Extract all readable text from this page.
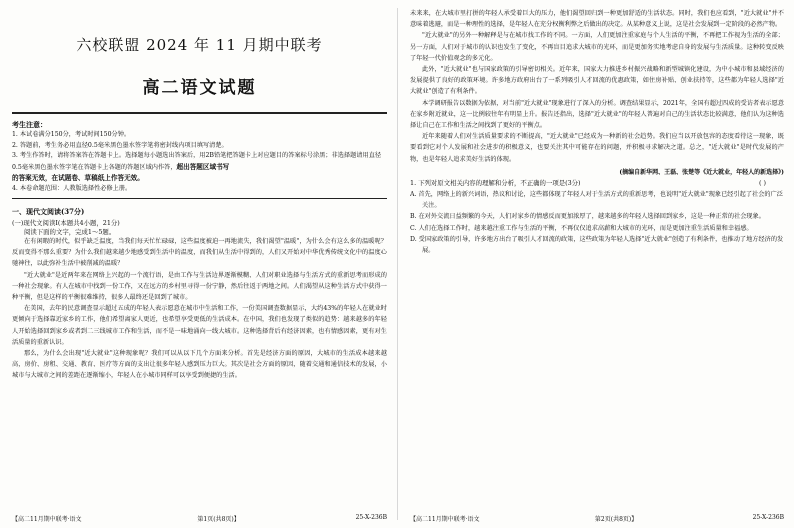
六校联盟 2024 年 11 月期中联考
高二语文试题

考生注意：

1. 本试卷满分150分，考试时间150分钟。

2. 答题前，考生务必用直径0.5毫米黑色墨水签字笔将密封线内项目填写清楚。

3. 考生作答时，请将答案答在答题卡上。选择题每小题选出答案后，用2B铅笔把答题卡上对应题目的答案标号涂黑；非选择题请用直径0.5毫米黑色墨水签字笔在答题卡上各题的答题区域内作答，超出答题区域书写

的答案无效，在试题卷、草稿纸上作答无效。

4. 本卷命题范围：人教版选择性必修上册。

一、现代文阅读(37分)

(一)现代文阅读Ⅰ(本题共4小题，21分)

阅读下面的文字，完成1～5题。

在有闲暇的时代，似乎缺乏温度，当我们每天忙忙碌碌，这些温度被迫一再地流失，我们渴望"温暖"，为什么会有这么多的温暖呢？反而变得不那么重要？为什么我们越来越少地感受到生活中的温度，而我们从生活中得到的，人们又开始对中华优秀传统文化中的温度心驰神往，以此弥补生活中被削减的温暖？

"近大就业"是近两年来在网络上兴起的一个流行语，是由工作与生活边界逐渐模糊、人们对职业选择与生活方式的重新思考而形成的一种社会现象。有人在城市中找到一份工作，又在远方的乡村里寻得一份宁静，然后往返于两地之间。人们渴望从这种生活方式中获得一种平衡，但是这样的平衡很难维持，很多人最终还是回到了城市。

在美国，去年的民意调查显示超过五成的年轻人表示愿意在城市中生活和工作，一份美国调查数据显示，大约43%的年轻人在就业时更倾向于选择靠近家乡的工作，他们希望离家人更近，也希望享受更低的生活成本。在中国，我们也发现了类似的趋势：越来越多的年轻人开始选择回到家乡或者到二三线城市工作和生活，而不是一味地涌向一线大城市。这种选择背后有经济因素，也有情感因素，更有对生活质量的重新认识。

那么，为什么会出现"近大就业"这种现象呢？我们可以从以下几个方面来分析。首先是经济方面的原因，大城市的生活成本越来越高，房价、房租、交通、教育、医疗等方面的支出让很多年轻人感到压力巨大。其次是社会方面的原因，随着交通和通信技术的发展，小城市与大城市之间的差距在逐渐缩小，年轻人在小城市同样可以享受到便捷的生活。

【高二11月期中联考·语文	第1页(共8页)】	25-X-236B

未来来，在大城市里打拼的年轻人承受着巨大的压力，他们渴望回归到一种更加舒适的生活状态。同时，我们也应看到，"近大就业"并不意味着逃避，而是一种理性的选择，是年轻人在充分权衡利弊之后做出的决定。从某种意义上说，这是社会发展到一定阶段的必然产物。

"近大就业"的另外一种解释是与在城市找工作的不同。一方面，人们更加注重家庭与个人生活的平衡，不再把工作视为生活的全部；另一方面，人们对于城市的认识也发生了变化，不再盲目追求大城市的光环，而是更加务实地考虑自身的发展与生活质量。这种转变反映了年轻一代价值观念的多元化。

此外，"近大就业"也与国家政策的引导密切相关。近年来，国家大力推进乡村振兴战略和新型城镇化建设，为中小城市和县域经济的发展提供了良好的政策环境。许多地方政府出台了一系列吸引人才回流的优惠政策，如住房补贴、创业扶持等，这些都为年轻人选择"近大就业"创造了有利条件。

本学调研报告以数据为依据，对当前"近大就业"现象进行了深入的分析。调查结果显示，2021年，全国有超过四成的受访者表示愿意在家乡附近就业，这一比例较往年有明显上升。报告还指出，选择"近大就业"的年轻人普遍对自己的生活状态比较满意，他们认为这种选择让自己在工作和生活之间找到了更好的平衡点。

近年来随着人们对生活质量要求的不断提高，"近大就业"已经成为一种新的社会趋势。我们应当以开放包容的态度看待这一现象，既要看到它对个人发展和社会进步的积极意义，也要关注其中可能存在的问题，并积极寻求解决之道。总之，"近大就业"是时代发展的产物，也是年轻人追求美好生活的体现。

(摘编自新华网、王磊、张楚等《近大就业，年轻人的新选择》)

1. 下列对原文相关内容的理解和分析，不正确的一项是(3分)	( )

A. 首先，网络上的新兴词语，热议和讨论，这些都体现了年轻人对于生活方式的重新思考，也说明"近大就业"现象已经引起了社会的广泛关注。

B. 在对外交流日益频繁的今天，人们对家乡的情感反而更加浓厚了，越来越多的年轻人选择回到家乡，这是一种正常的社会现象。

C. 人们在选择工作时，越来越注重工作与生活的平衡，不再仅仅追求高薪和大城市的光环，而是更加注重生活质量和幸福感。

D. 受国家政策的引导，许多地方出台了吸引人才回流的政策，这些政策为年轻人选择"近大就业"创造了有利条件，也推动了地方经济的发展。

【高二11月期中联考·语文	第2页(共8页)】	25-X-236B
